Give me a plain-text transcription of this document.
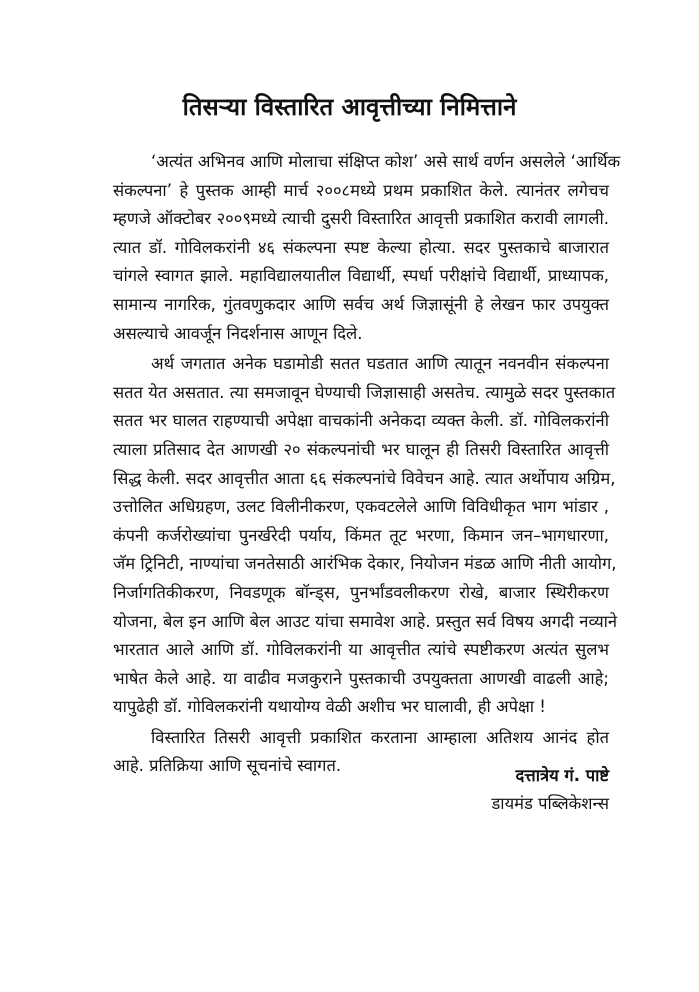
तिसऱ्या विस्तारित आवृत्तीच्या निमित्ताने
‘अत्यंत अभिनव आणि मोलाचा संक्षिप्त कोश’ असे सार्थ वर्णन असलेले ‘आर्थिक
संकल्पना’ हे पुस्तक आम्ही मार्च २००८मध्ये प्रथम प्रकाशित केले. त्यानंतर लगेचच
म्हणजे ऑक्टोबर २००९मध्ये त्याची दुसरी विस्तारित आवृत्ती प्रकाशित करावी लागली.
त्यात डॉ. गोविलकरांनी ४६ संकल्पना स्पष्ट केल्या होत्या. सदर पुस्तकाचे बाजारात
चांगले स्वागत झाले. महाविद्यालयातील विद्यार्थी, स्पर्धा परीक्षांचे विद्यार्थी, प्राध्यापक,
सामान्य नागरिक, गुंतवणुकदार आणि सर्वच अर्थ जिज्ञासूंनी हे लेखन फार उपयुक्त
असल्याचे आवर्जून निदर्शनास आणून दिले.
अर्थ जगतात अनेक घडामोडी सतत घडतात आणि त्यातून नवनवीन संकल्पना
सतत येत असतात. त्या समजावून घेण्याची जिज्ञासाही असतेच. त्यामुळे सदर पुस्तकात
सतत भर घालत राहण्याची अपेक्षा वाचकांनी अनेकदा व्यक्त केली. डॉ. गोविलकरांनी
त्याला प्रतिसाद देत आणखी २० संकल्पनांची भर घालून ही तिसरी विस्तारित आवृत्ती
सिद्ध केली. सदर आवृत्तीत आता ६६ संकल्पनांचे विवेचन आहे. त्यात अर्थोपाय अग्रिम,
उत्तोलित अधिग्रहण, उलट विलीनीकरण, एकवटलेले आणि विविधीकृत भाग भांडार ,
कंपनी कर्जरोख्यांचा पुनर्खरेदी पर्याय, किंमत तूट भरणा, किमान जन–भागधारणा,
जॅम ट्रिनिटी, नाण्यांचा जनतेसाठी आरंभिक देकार, नियोजन मंडळ आणि नीती आयोग,
निर्जागतिकीकरण, निवडणूक बॉन्ड्स, पुनर्भांडवलीकरण रोखे, बाजार स्थिरीकरण
योजना, बेल इन आणि बेल आउट यांचा समावेश आहे. प्रस्तुत सर्व विषय अगदी नव्याने
भारतात आले आणि डॉ. गोविलकरांनी या आवृत्तीत त्यांचे स्पष्टीकरण अत्यंत सुलभ
भाषेत केले आहे. या वाढीव मजकुराने पुस्तकाची उपयुक्तता आणखी वाढली आहे;
यापुढेही डॉ. गोविलकरांनी यथायोग्य वेळी अशीच भर घालावी, ही अपेक्षा !
विस्तारित तिसरी आवृत्ती प्रकाशित करताना आम्हाला अतिशय आनंद होत
आहे. प्रतिक्रिया आणि सूचनांचे स्वागत.
दत्तात्रेय गं. पाष्टे
डायमंड पब्लिकेशन्स
